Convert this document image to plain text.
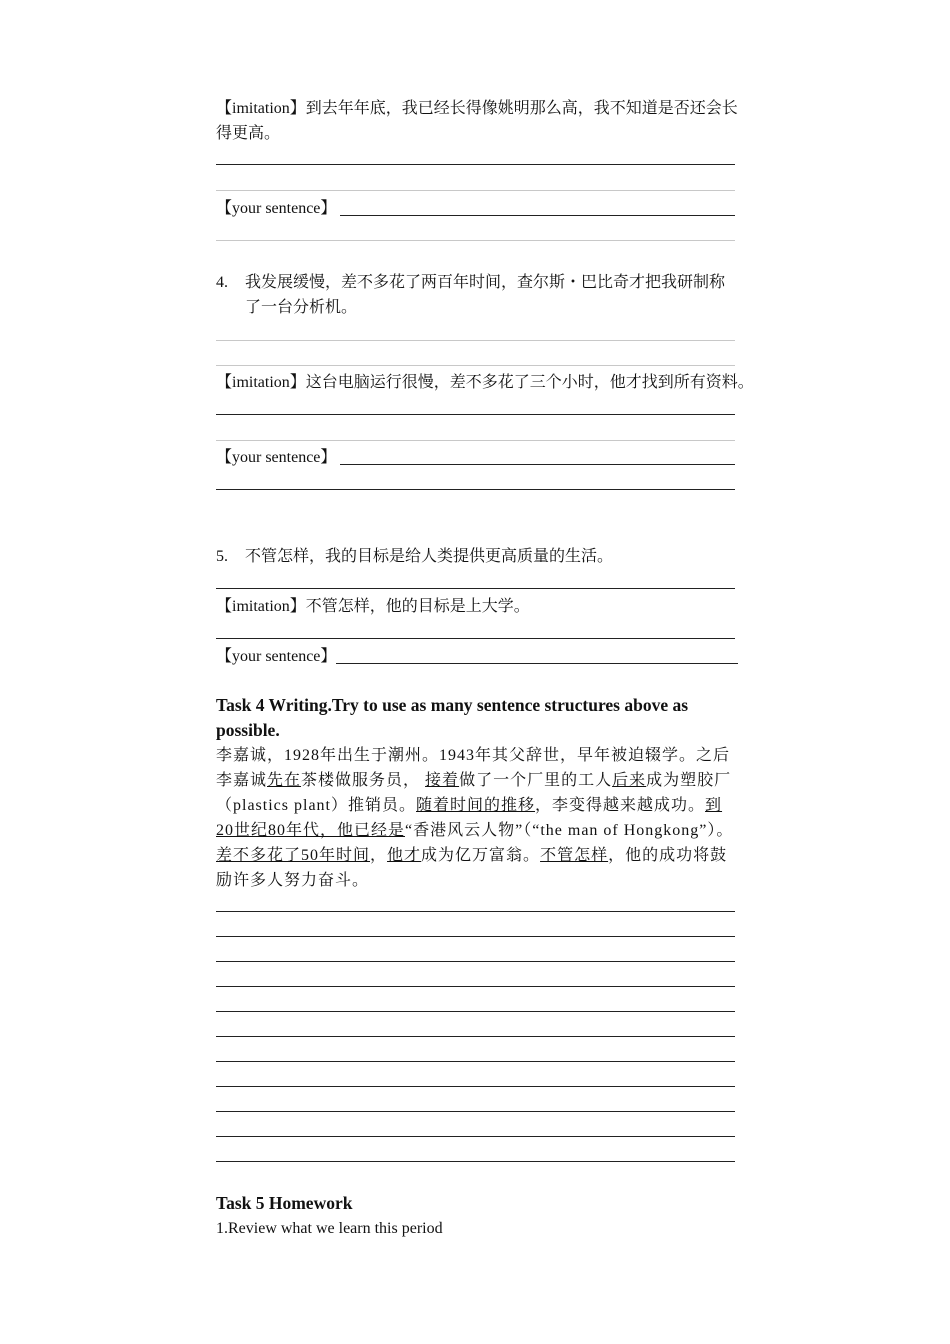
【imitation】到去年年底，我已经长得像姚明那么高，我不知道是否还会长得更高。
【your sentence】
4.	我发展缓慢，差不多花了两百年时间，查尔斯・巴比奇才把我研制称了一台分析机。
【imitation】这台电脑运行很慢，差不多花了三个小时，他才找到所有资料。
【your sentence】
5.	不管怎样，我的目标是给人类提供更高质量的生活。
【imitation】不管怎样，他的目标是上大学。
【your sentence】
Task 4 Writing.Try to use as many sentence structures above as possible.
李嘉诚，1928年出生于潮州。1943年其父辞世，早年被迫辍学。之后李嘉诚先在茶楼做服务员， 接着做了一个厂里的工人后来成为塑胶厂（plastics plant）推销员。随着时间的推移，李变得越来越成功。到 20世纪80年代，他已经是“香港风云人物”（“the man of Hongkong”）。差不多花了50年时间，他才成为亿万富翁。不管怎样，他的成功将鼓励许多人努力奋斗。
Task 5 Homework
1.Review what we learn this period
